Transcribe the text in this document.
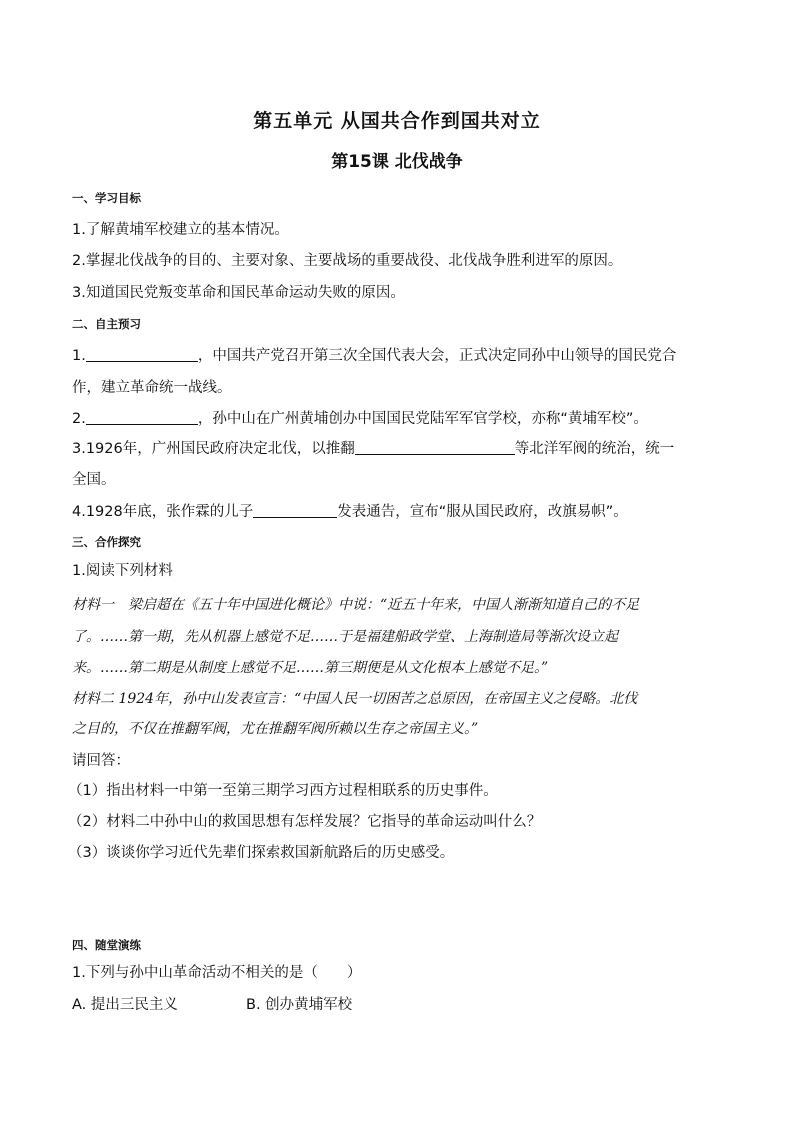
第五单元 从国共合作到国共对立
第15课 北伐战争
一、学习目标
1.了解黄埔军校建立的基本情况。
2.掌握北伐战争的目的、主要对象、主要战场的重要战役、北伐战争胜利进军的原因。
3.知道国民党叛变革命和国民革命运动失败的原因。
二、自主预习
1.	，中国共产党召开第三次全国代表大会，正式决定同孙中山领导的国民党合
作，建立革命统一战线。
2.	，孙中山在广州黄埔创办中国国民党陆军军官学校，亦称“黄埔军校”。
3.1926年，广州国民政府决定北伐，以推翻	等北洋军阀的统治，统一
全国。
4.1928年底，张作霖的儿子	发表通告，宣布“服从国民政府，改旗易帜”。
三、合作探究
1.阅读下列材料
材料一　梁启超在《五十年中国进化概论》中说：“近五十年来，中国人渐渐知道自己的不足
了。……第一期，先从机器上感觉不足……于是福建船政学堂、上海制造局等渐次设立起
来。……第二期是从制度上感觉不足……第三期便是从文化根本上感觉不足。”
材料二 1924年，孙中山发表宣言：“中国人民一切困苦之总原因，在帝国主义之侵略。北伐
之目的，不仅在推翻军阀，尤在推翻军阀所赖以生存之帝国主义。”
请回答：
（1）指出材料一中第一至第三期学习西方过程相联系的历史事件。
（2）材料二中孙中山的救国思想有怎样发展？它指导的革命运动叫什么？
（3）谈谈你学习近代先辈们探索救国新航路后的历史感受。
四、随堂演练
1.下列与孙中山革命活动不相关的是（　　）
A. 提出三民主义	B. 创办黄埔军校
